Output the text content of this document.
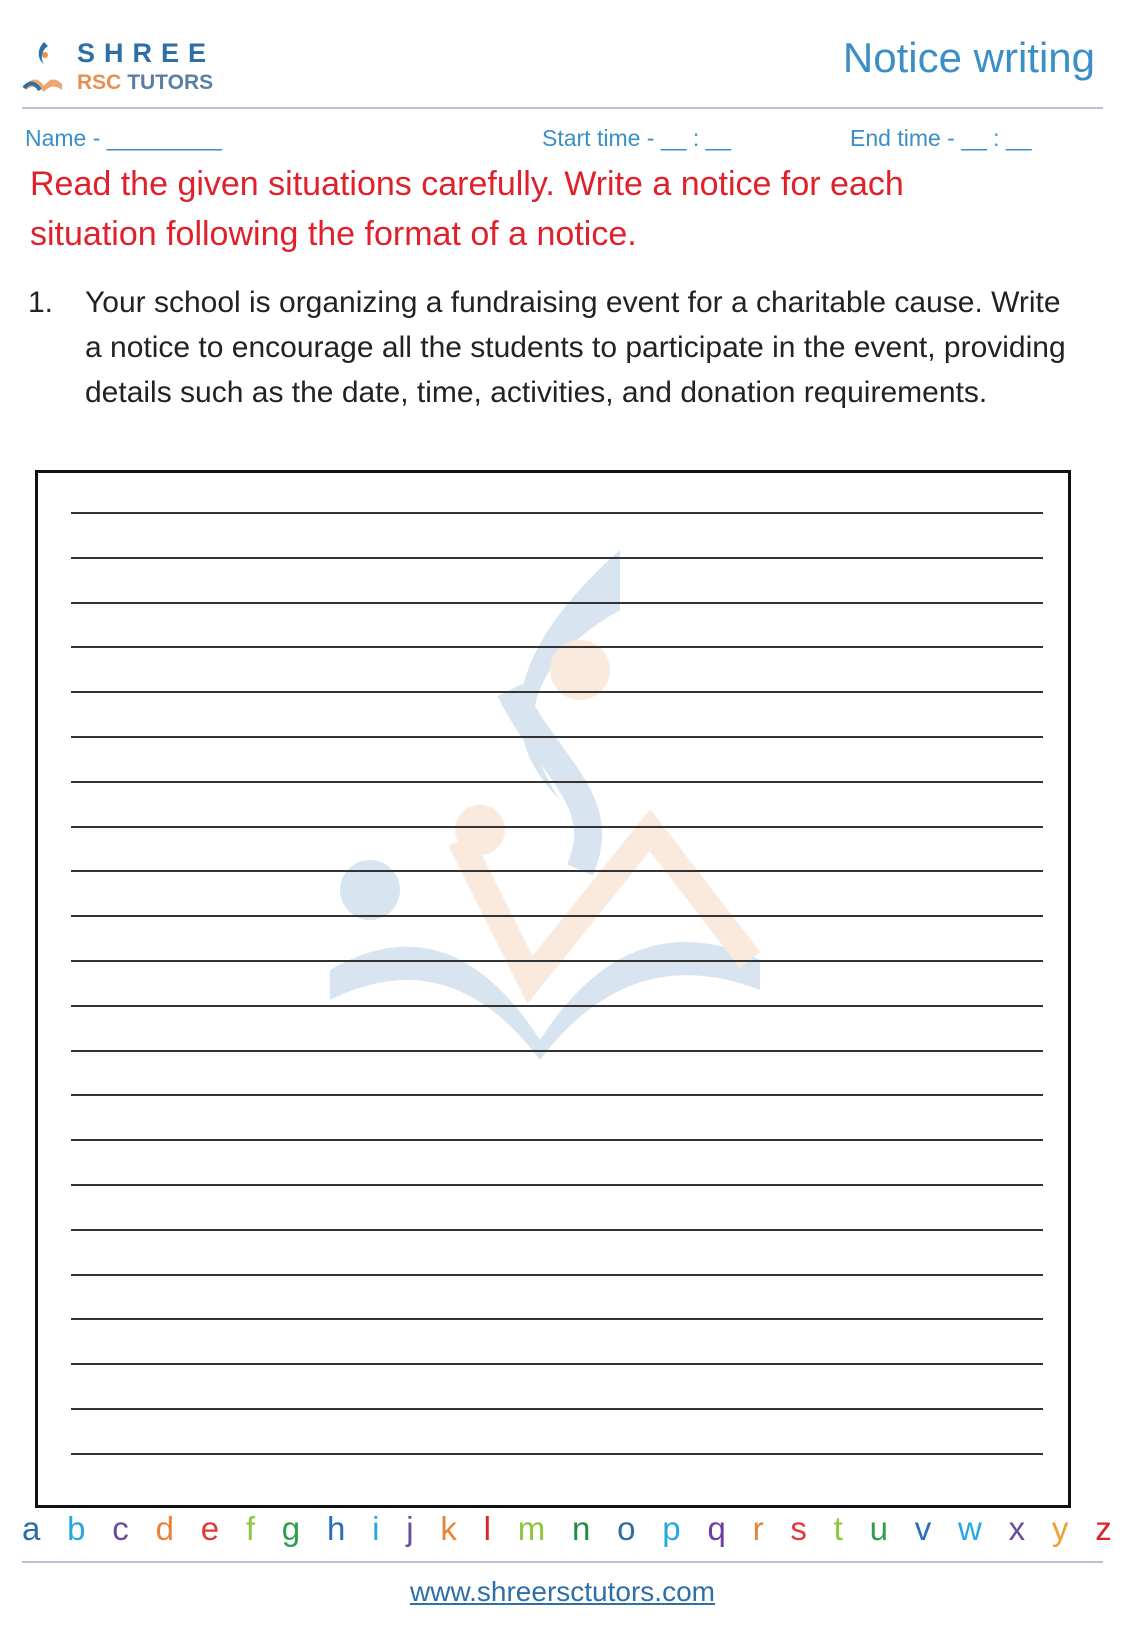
SHREE
RSC TUTORS
Notice writing
Name - _________	Start time - __ : __	End time - __ : __
Read the given situations carefully. Write a notice for each
situation following the format of a notice.
1. Your school is organizing a fundraising event for a charitable cause. Write a notice to encourage all the students to participate in the event, providing details such as the date, time, activities, and donation requirements.
a b c d e f g h i j k l m n o p q r s t u v w x y z
www.shreersctutors.com
